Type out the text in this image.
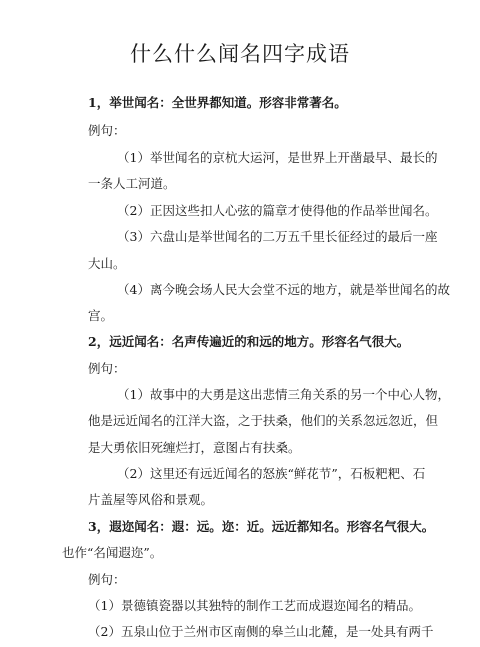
什么什么闻名四字成语
1，举世闻名：全世界都知道。形容非常著名。
例句：
（1）举世闻名的京杭大运河，是世界上开凿最早、最长的
一条人工河道。
（2）正因这些扣人心弦的篇章才使得他的作品举世闻名。
（3）六盘山是举世闻名的二万五千里长征经过的最后一座
大山。
（4）离今晚会场人民大会堂不远的地方，就是举世闻名的故
宫。
2，远近闻名：名声传遍近的和远的地方。形容名气很大。
例句：
（1）故事中的大勇是这出悲情三角关系的另一个中心人物，
他是远近闻名的江洋大盗，之于扶桑，他们的关系忽远忽近，但
是大勇依旧死缠烂打，意图占有扶桑。
（2）这里还有远近闻名的怒族“鲜花节”，石板粑粑、石
片盖屋等风俗和景观。
3，遐迩闻名：遐：远。迩：近。远近都知名。形容名气很大。
也作“名闻遐迩”。
例句：
（1）景德镇瓷器以其独特的制作工艺而成遐迩闻名的精品。
（2）五泉山位于兰州市区南侧的皋兰山北麓，是一处具有两千
